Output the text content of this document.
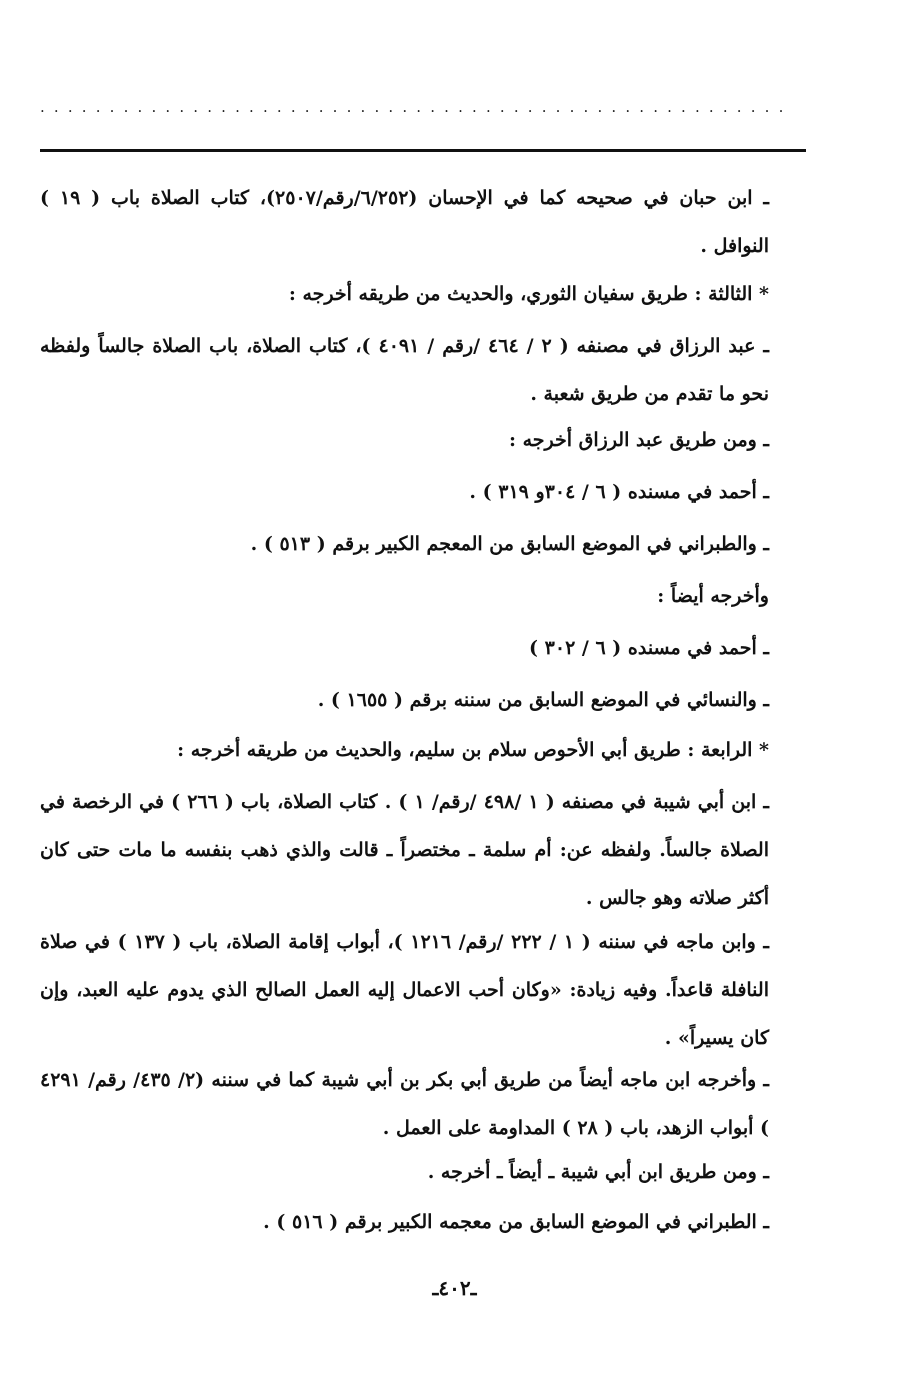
. . . . . . . . . . . . . . . . . . . . . . . . . . . . . . . . . . . . . . . . . . . . . . . . . . . . . .

ـ ابن حبان في صحيحه كما في الإحسان (٦/٢٥٢/رقم/٢٥٠٧)، كتاب الصلاة باب ( ١٩ ) النوافل .

* الثالثة : طريق سفيان الثوري، والحديث من طريقه أخرجه :

ـ عبد الرزاق في مصنفه ( ٢ / ٤٦٤ /رقم / ٤٠٩١ )، كتاب الصلاة، باب الصلاة جالساً ولفظه نحو ما تقدم من طريق شعبة .

ـ ومن طريق عبد الرزاق أخرجه :

ـ أحمد في مسنده ( ٦ / ٣٠٤و ٣١٩ ) .

ـ والطبراني في الموضع السابق من المعجم الكبير برقم ( ٥١٣ ) .

وأخرجه أيضاً :

ـ أحمد في مسنده ( ٦ / ٣٠٢ )

ـ والنسائي في الموضع السابق من سننه برقم ( ١٦٥٥ ) .

* الرابعة : طريق أبي الأحوص سلام بن سليم، والحديث من طريقه أخرجه :

ـ ابن أبي شيبة في مصنفه ( ١ /٤٩٨ /رقم/ ١ ) . كتاب الصلاة، باب ( ٢٦٦ ) في الرخصة في الصلاة جالساً. ولفظه عن: أم سلمة ـ مختصراً ـ قالت والذي ذهب بنفسه ما مات حتى كان أكثر صلاته وهو جالس .

ـ وابن ماجه في سننه ( ١ / ٢٢٢ /رقم/ ١٢١٦ )، أبواب إقامة الصلاة، باب ( ١٣٧ ) في صلاة النافلة قاعداً. وفيه زيادة: «وكان أحب الاعمال إليه العمل الصالح الذي يدوم عليه العبد، وإن كان يسيراً» .

ـ وأخرجه ابن ماجه أيضاً من طريق أبي بكر بن أبي شيبة كما في سننه (٢/ ٤٣٥/ رقم/ ٤٢٩١ ) أبواب الزهد، باب ( ٢٨ ) المداومة على العمل .

ـ ومن طريق ابن أبي شيبة ـ أيضاً ـ أخرجه .

ـ الطبراني في الموضع السابق من معجمه الكبير برقم ( ٥١٦ ) .

ـ٤٠٢ـ
